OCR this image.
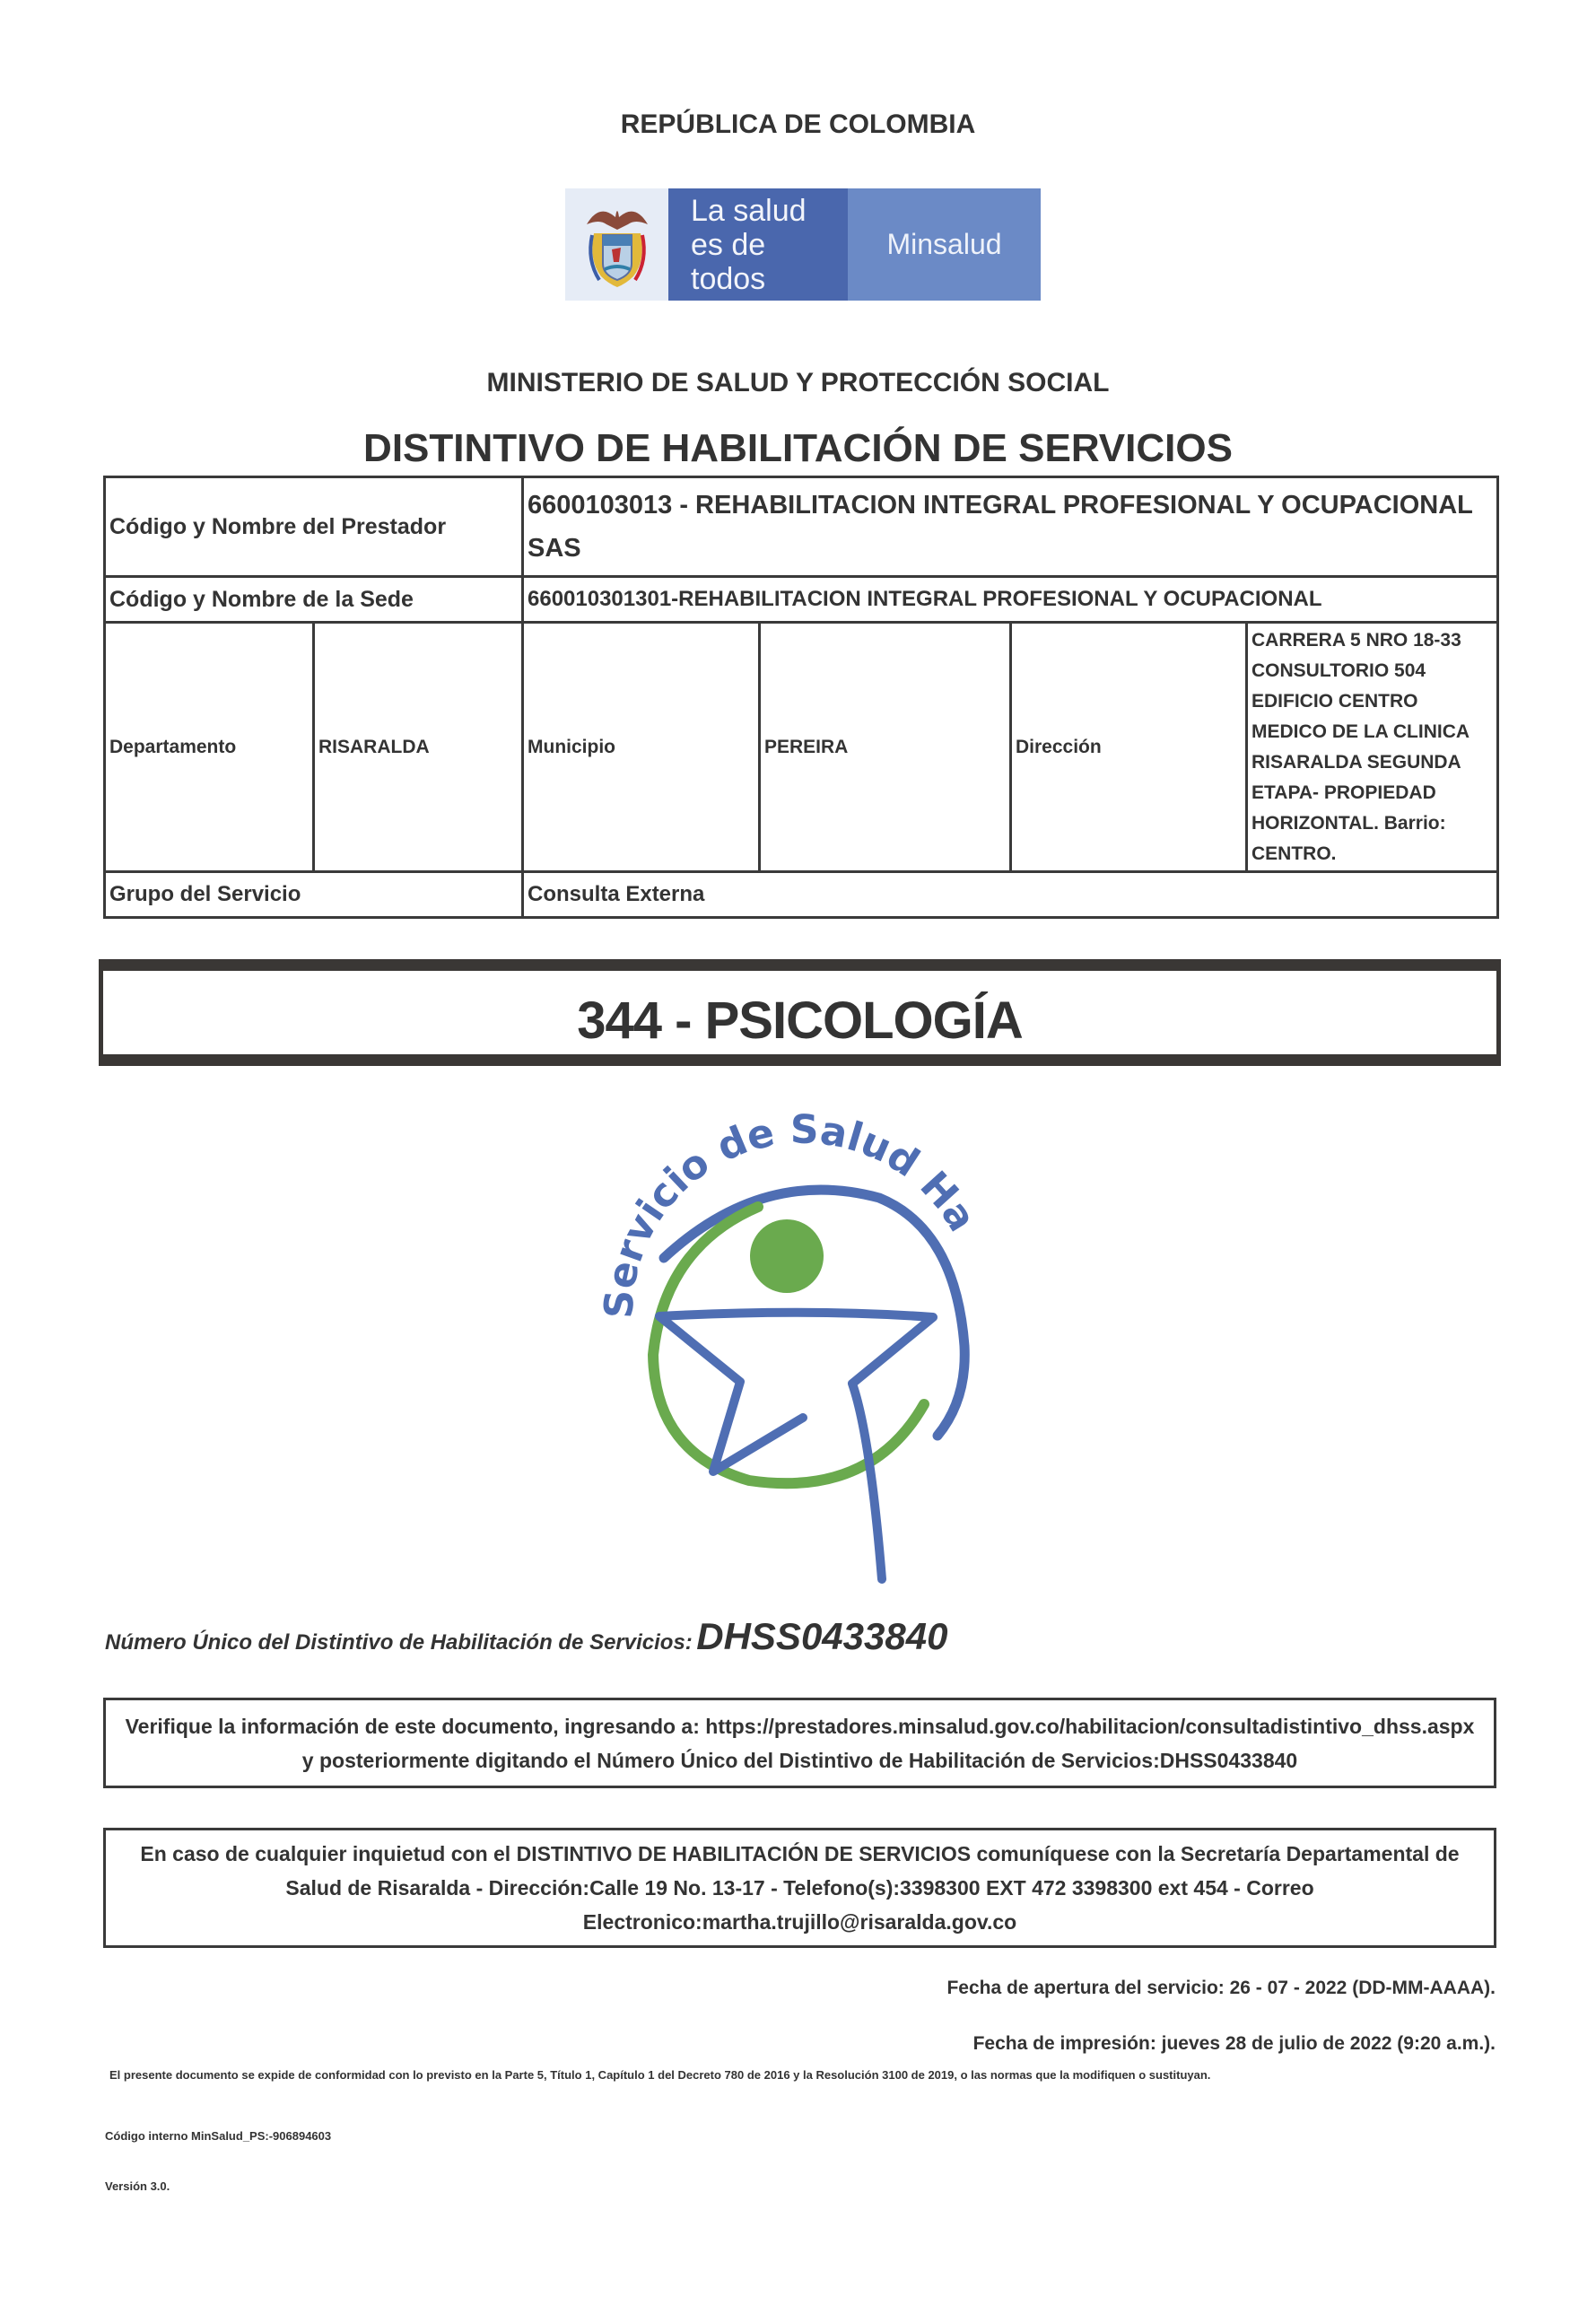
REPÚBLICA DE COLOMBIA
La salud
es de todos
Minsalud
MINISTERIO DE SALUD Y PROTECCIÓN SOCIAL
DISTINTIVO DE HABILITACIÓN DE SERVICIOS
Código y Nombre del Prestador		6600103013 - REHABILITACION INTEGRAL PROFESIONAL Y OCUPACIONAL SAS			
Código y Nombre de la Sede		660010301301-REHABILITACION INTEGRAL PROFESIONAL Y OCUPACIONAL			
Departamento	RISARALDA	Municipio	PEREIRA	Dirección	CARRERA 5 NRO 18-33 CONSULTORIO 504 EDIFICIO CENTRO MEDICO DE LA CLINICA RISARALDA SEGUNDA ETAPA- PROPIEDAD HORIZONTAL. Barrio: CENTRO.
Grupo del Servicio		Consulta Externa			
344 - PSICOLOGÍA
Servicio de Salud Ha
Número Único del Distintivo de Habilitación de Servicios: DHSS0433840
Verifique la información de este documento, ingresando a: https://prestadores.minsalud.gov.co/habilitacion/consultadistintivo_dhss.aspx
y posteriormente digitando el Número Único del Distintivo de Habilitación de Servicios:DHSS0433840
En caso de cualquier inquietud con el DISTINTIVO DE HABILITACIÓN DE SERVICIOS comuníquese con la Secretaría Departamental de Salud de Risaralda - Dirección:Calle 19 No. 13-17 - Telefono(s):3398300 EXT 472 3398300 ext 454 - Correo Electronico:martha.trujillo@risaralda.gov.co
Fecha de apertura del servicio: 26 - 07 - 2022 (DD-MM-AAAA).
Fecha de impresión: jueves 28 de julio de 2022 (9:20 a.m.).
El presente documento se expide de conformidad con lo previsto en la Parte 5, Título 1, Capítulo 1 del Decreto 780 de 2016 y la Resolución 3100 de 2019, o las normas que la modifiquen o sustituyan.
Código interno MinSalud_PS:-906894603
Versión 3.0.
